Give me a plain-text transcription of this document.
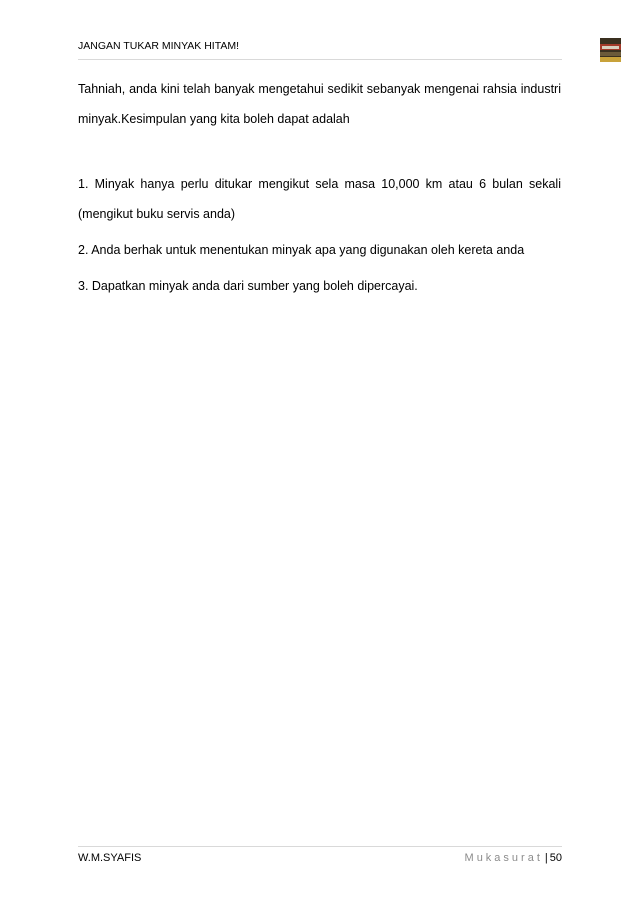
JANGAN TUKAR MINYAK HITAM!

Tahniah, anda kini telah banyak mengetahui sedikit sebanyak mengenai rahsia industri minyak.Kesimpulan yang kita boleh dapat adalah

1. Minyak hanya perlu ditukar mengikut sela masa 10,000 km atau 6 bulan sekali (mengikut buku servis anda)

2. Anda berhak untuk menentukan minyak apa yang digunakan oleh kereta anda

3. Dapatkan minyak anda dari sumber yang boleh dipercayai.

W.M.SYAFIS	Mukasurat | 50
